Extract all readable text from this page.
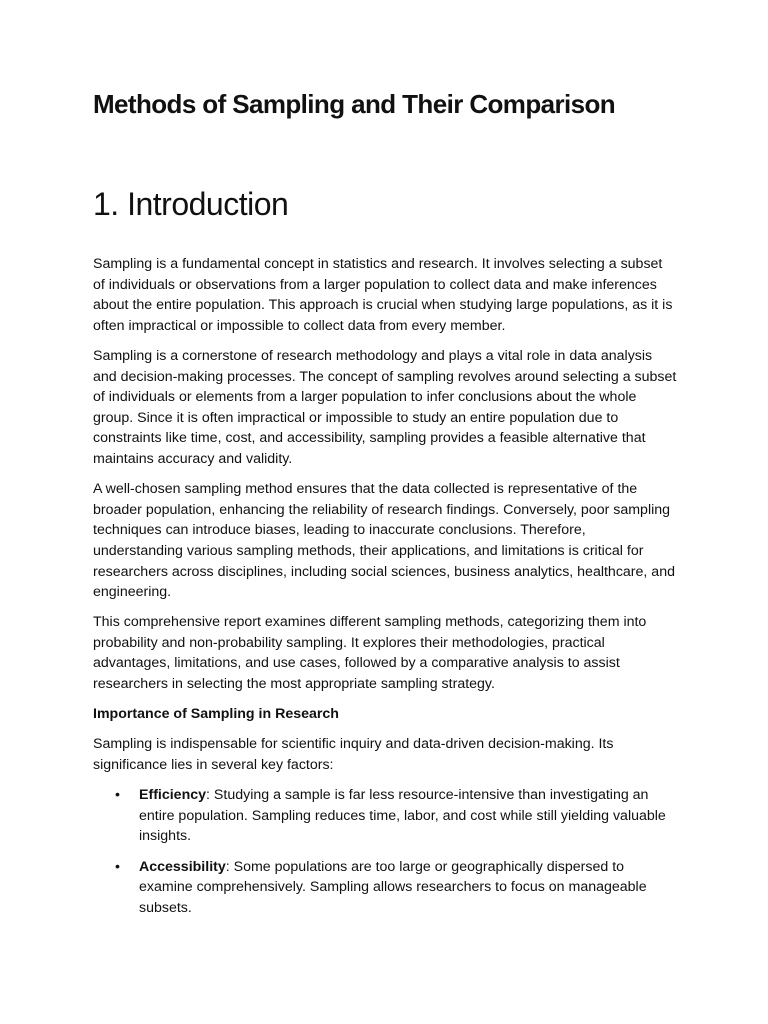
Methods of Sampling and Their Comparison
1. Introduction

Sampling is a fundamental concept in statistics and research. It involves selecting a subset of individuals or observations from a larger population to collect data and make inferences about the entire population. This approach is crucial when studying large populations, as it is often impractical or impossible to collect data from every member.

Sampling is a cornerstone of research methodology and plays a vital role in data analysis and decision-making processes. The concept of sampling revolves around selecting a subset of individuals or elements from a larger population to infer conclusions about the whole group. Since it is often impractical or impossible to study an entire population due to constraints like time, cost, and accessibility, sampling provides a feasible alternative that maintains accuracy and validity.

A well-chosen sampling method ensures that the data collected is representative of the broader population, enhancing the reliability of research findings. Conversely, poor sampling techniques can introduce biases, leading to inaccurate conclusions. Therefore, understanding various sampling methods, their applications, and limitations is critical for researchers across disciplines, including social sciences, business analytics, healthcare, and engineering.

This comprehensive report examines different sampling methods, categorizing them into probability and non-probability sampling. It explores their methodologies, practical advantages, limitations, and use cases, followed by a comparative analysis to assist researchers in selecting the most appropriate sampling strategy.

Importance of Sampling in Research

Sampling is indispensable for scientific inquiry and data-driven decision-making. Its significance lies in several key factors:

• Efficiency: Studying a sample is far less resource-intensive than investigating an entire population. Sampling reduces time, labor, and cost while still yielding valuable insights.
• Accessibility: Some populations are too large or geographically dispersed to examine comprehensively. Sampling allows researchers to focus on manageable subsets.
